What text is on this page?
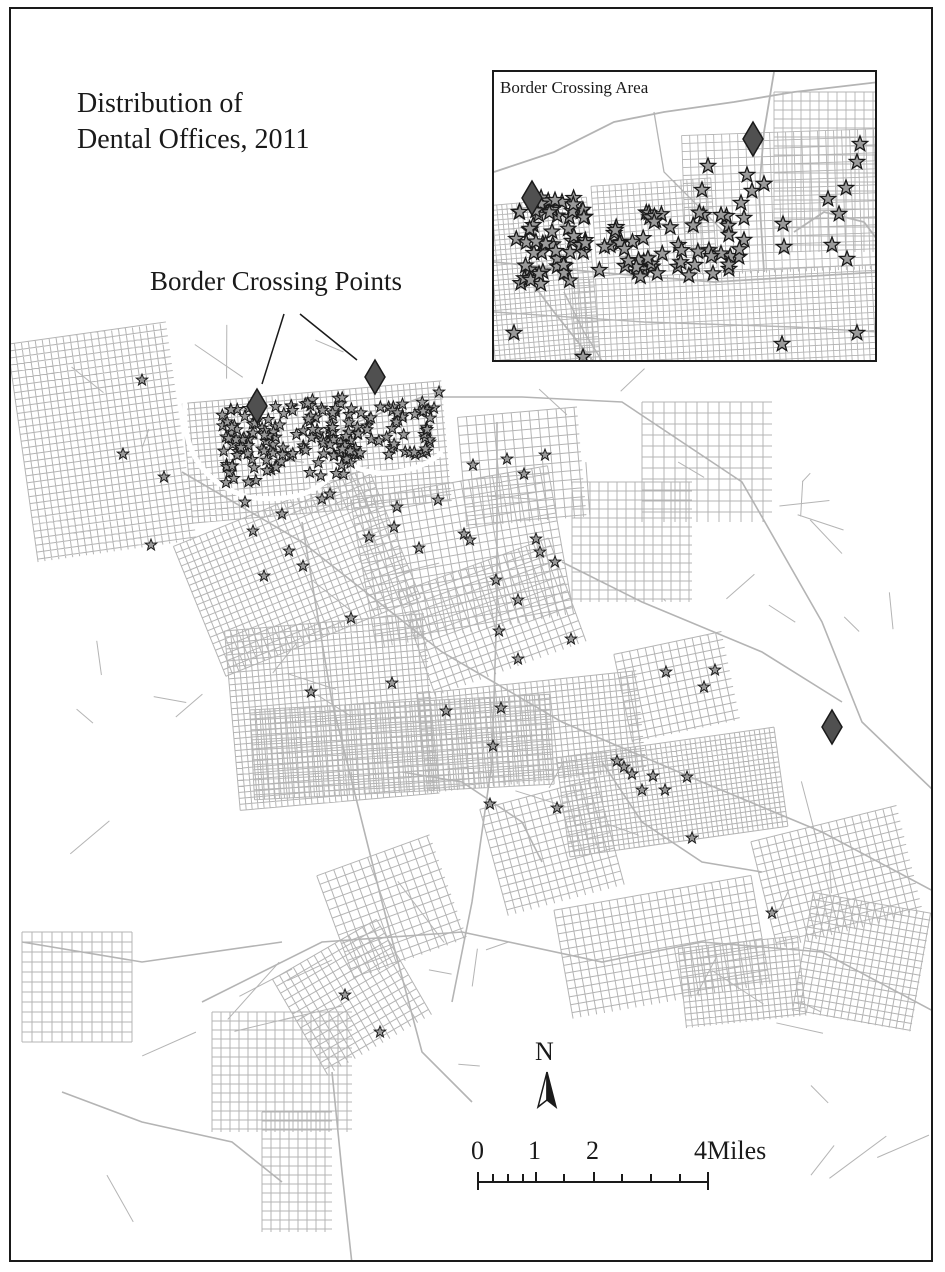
Distribution of
Dental Offices, 2011
Border Crossing Points
Border Crossing Area
N
0 1 2	4Miles
